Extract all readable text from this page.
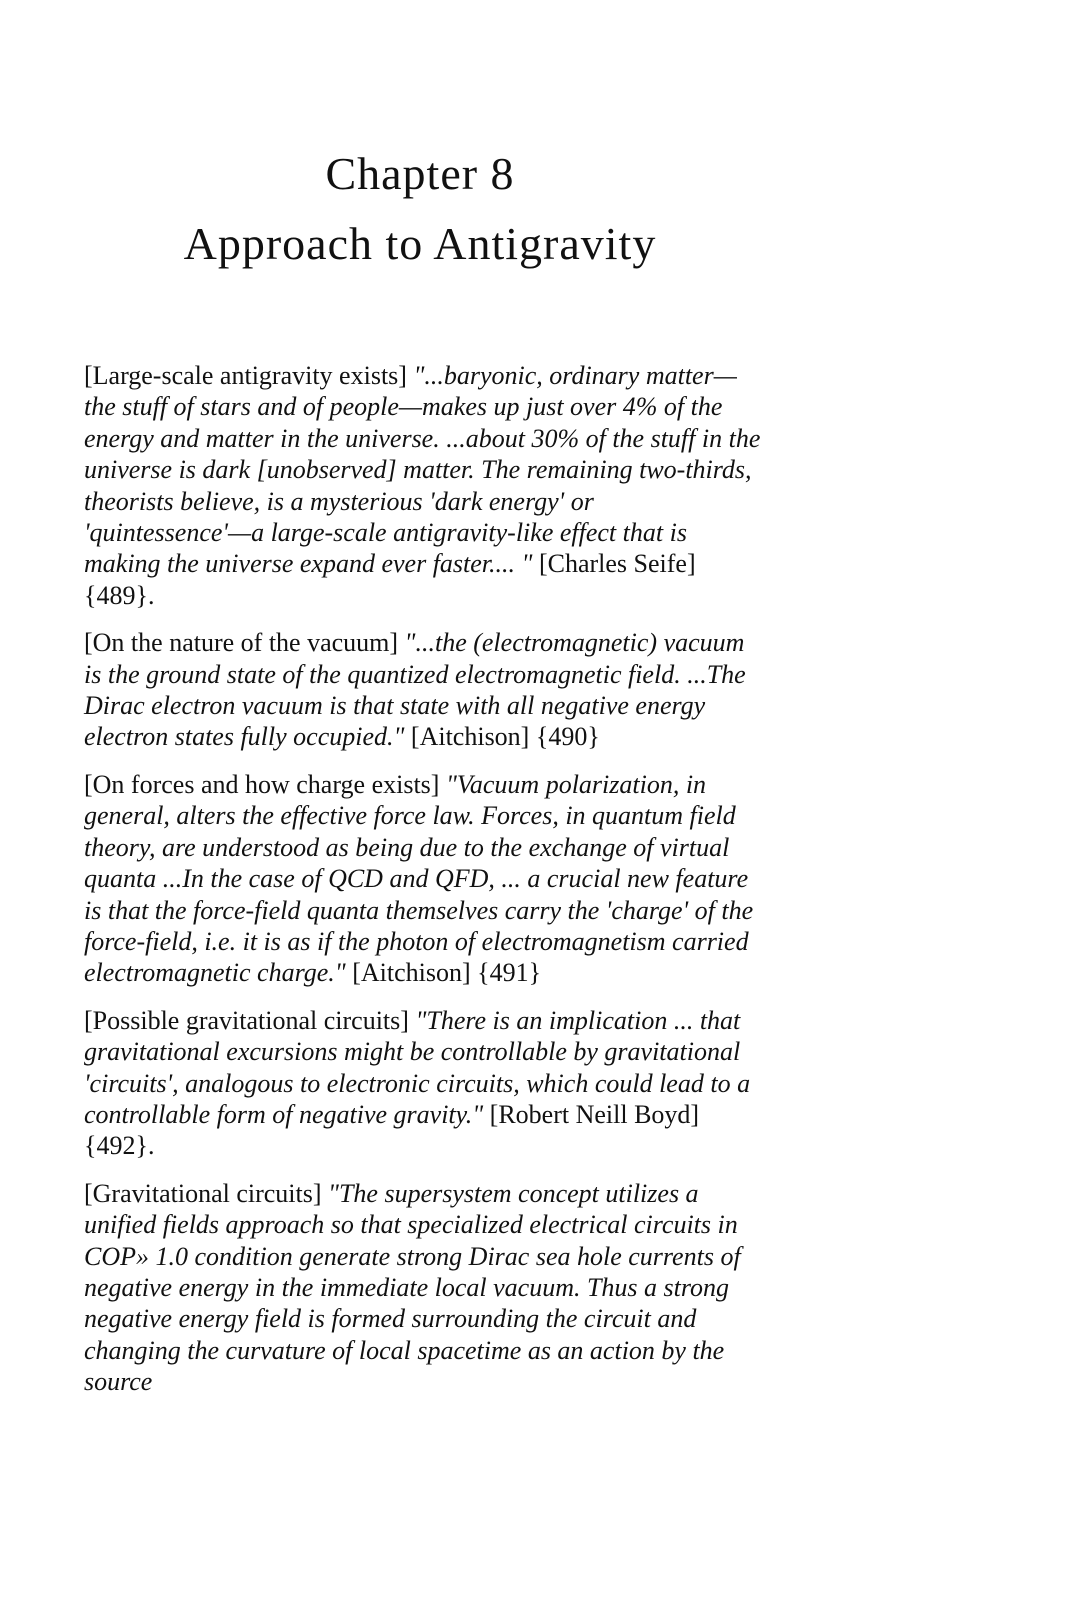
Chapter 8
Approach to Antigravity

[Large-scale antigravity exists] "...baryonic, ordinary matter—the stuff of stars and of people—makes up just over 4% of the energy and matter in the universe. ...about 30% of the stuff in the universe is dark [unobserved] matter. The remaining two-thirds, theorists believe, is a mysterious 'dark energy' or 'quintessence'—a large-scale antigravity-like effect that is making the universe expand ever faster.... " [Charles Seife] {489}.

[On the nature of the vacuum] "...the (electromagnetic) vacuum is the ground state of the quantized electromagnetic field. ...The Dirac electron vacuum is that state with all negative energy electron states fully occupied." [Aitchison] {490}

[On forces and how charge exists] "Vacuum polarization, in general, alters the effective force law. Forces, in quantum field theory, are understood as being due to the exchange of virtual quanta ...In the case of QCD and QFD, ... a crucial new feature is that the force-field quanta themselves carry the 'charge' of the force-field, i.e. it is as if the photon of electromagnetism carried electromagnetic charge." [Aitchison] {491}

[Possible gravitational circuits] "There is an implication ... that gravitational excursions might be controllable by gravitational 'circuits', analogous to electronic circuits, which could lead to a controllable form of negative gravity." [Robert Neill Boyd] {492}.

[Gravitational circuits] "The supersystem concept utilizes a unified fields approach so that specialized electrical circuits in COP» 1.0 condition generate strong Dirac sea hole currents of negative energy in the immediate local vacuum. Thus a strong negative energy field is formed surrounding the circuit and changing the curvature of local spacetime as an action by the source
